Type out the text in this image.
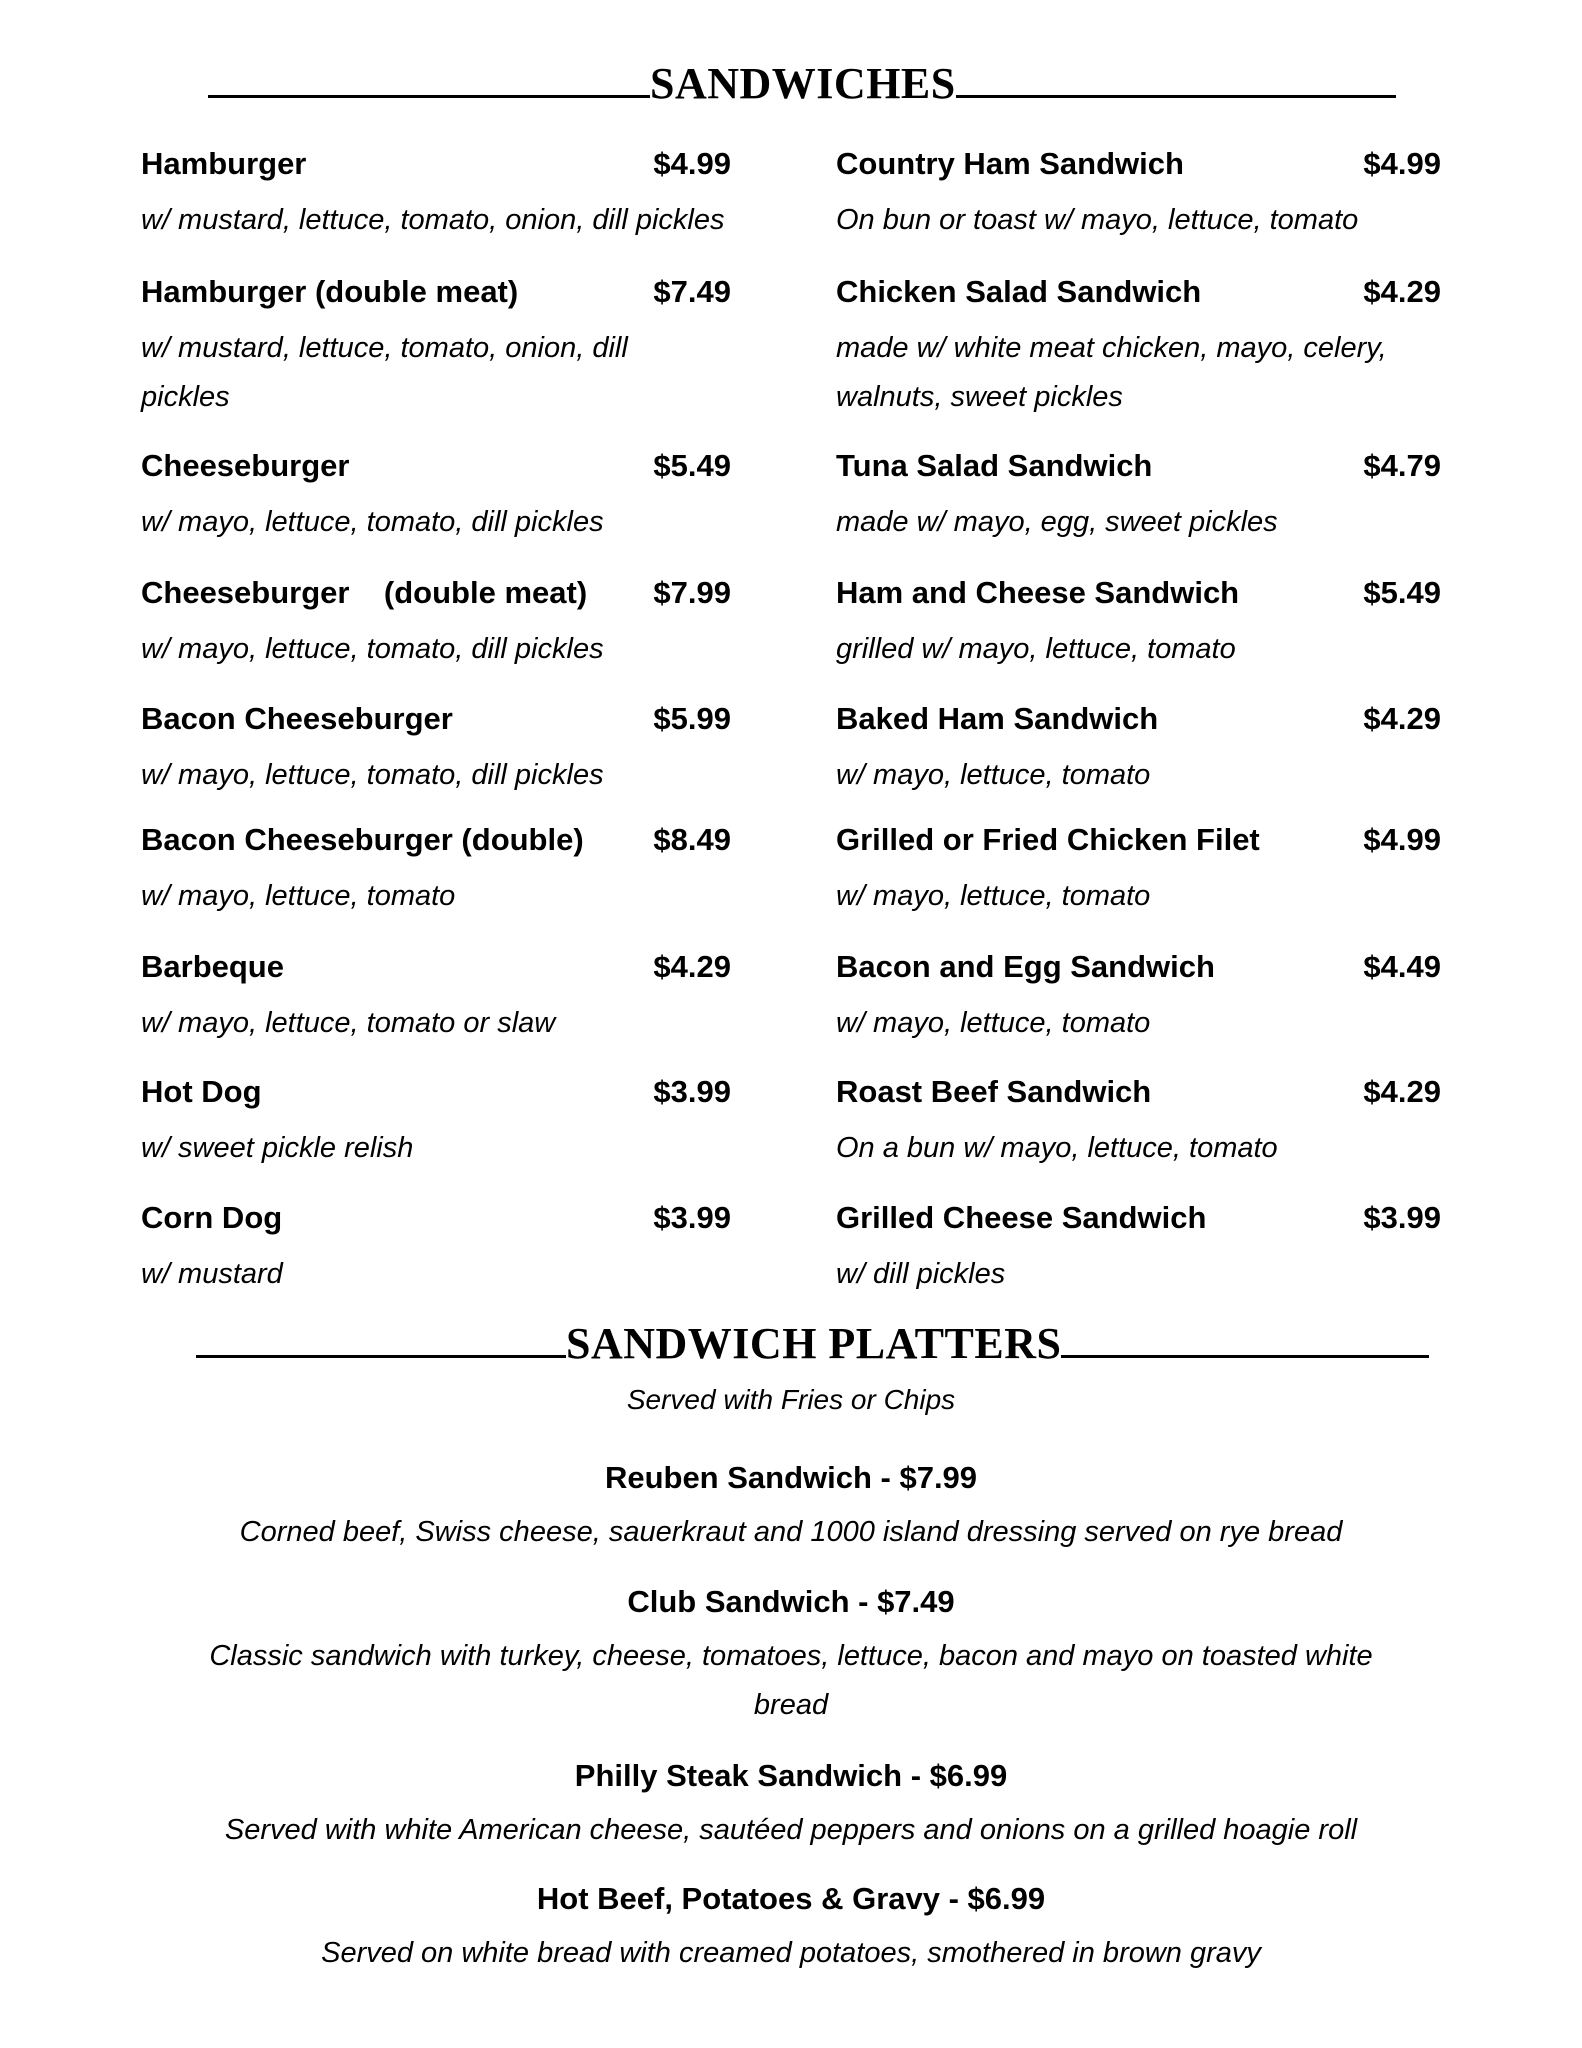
SANDWICHES
Hamburger	$4.99
w/ mustard, lettuce, tomato, onion, dill pickles
Hamburger (double meat)	$7.49
w/ mustard, lettuce, tomato, onion, dill pickles
Cheeseburger	$5.49
w/ mayo, lettuce, tomato, dill pickles
Cheeseburger    (double meat) $7.99
w/ mayo, lettuce, tomato, dill pickles
Bacon Cheeseburger	$5.99
w/ mayo, lettuce, tomato, dill pickles
Bacon Cheeseburger (double) $8.49
w/ mayo, lettuce, tomato
Barbeque	$4.29
w/ mayo, lettuce, tomato or slaw
Hot Dog	$3.99
w/ sweet pickle relish
Corn Dog	$3.99
w/ mustard
Country Ham Sandwich	$4.99
On bun or toast w/ mayo, lettuce, tomato
Chicken Salad Sandwich	$4.29
made w/ white meat chicken, mayo, celery, walnuts, sweet pickles
Tuna Salad Sandwich	$4.79
made w/ mayo, egg, sweet pickles
Ham and Cheese Sandwich	$5.49
grilled w/ mayo, lettuce, tomato
Baked Ham Sandwich	$4.29
w/ mayo, lettuce, tomato
Grilled or Fried Chicken Filet	$4.99
w/ mayo, lettuce, tomato
Bacon and Egg Sandwich	$4.49
w/ mayo, lettuce, tomato
Roast Beef Sandwich	$4.29
On a bun w/ mayo, lettuce, tomato
Grilled Cheese Sandwich	$3.99
w/ dill pickles
SANDWICH PLATTERS
Served with Fries or Chips
Reuben Sandwich - $7.99
Corned beef, Swiss cheese, sauerkraut and 1000 island dressing served on rye bread
Club Sandwich - $7.49
Classic sandwich with turkey, cheese, tomatoes, lettuce, bacon and mayo on toasted white bread
Philly Steak Sandwich - $6.99
Served with white American cheese, sautéed peppers and onions on a grilled hoagie roll
Hot Beef, Potatoes & Gravy - $6.99
Served on white bread with creamed potatoes, smothered in brown gravy
